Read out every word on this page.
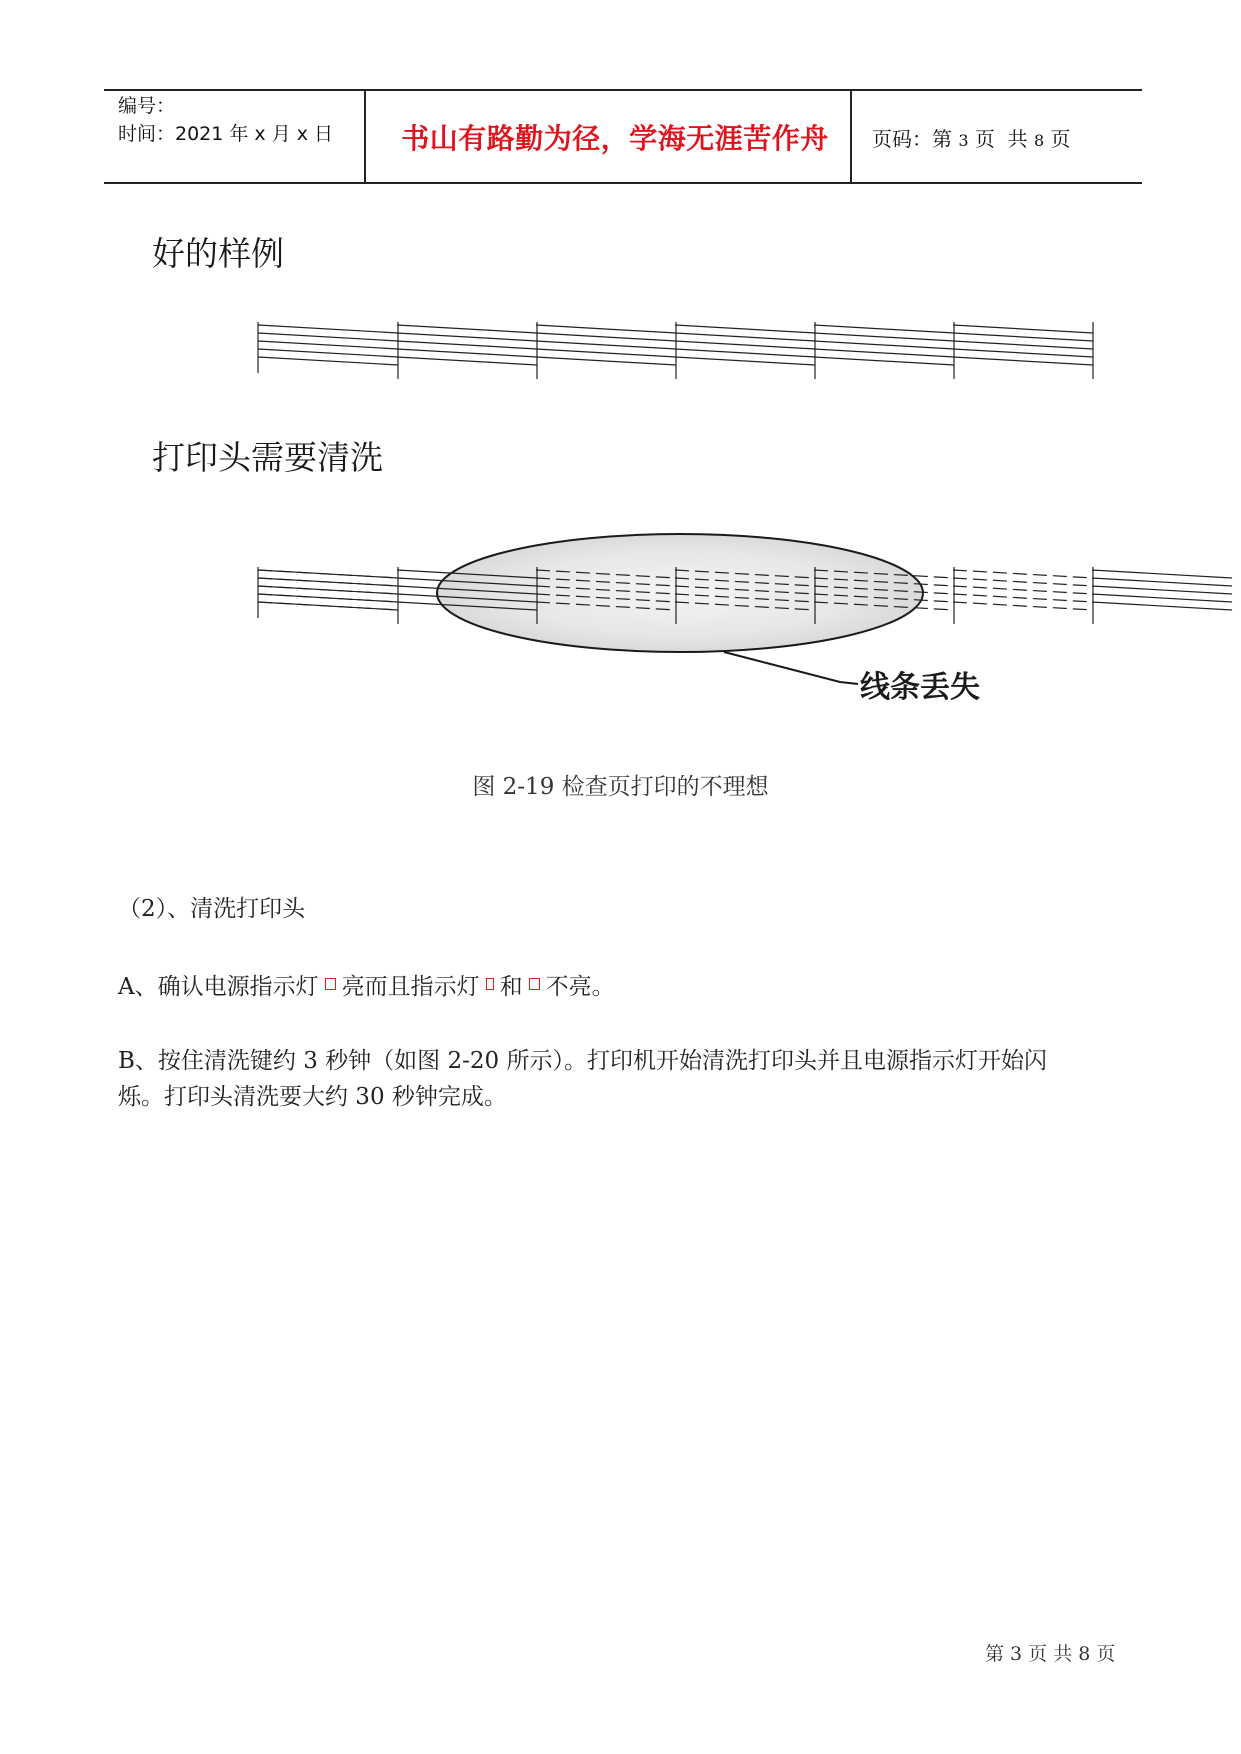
编号：
时间：2021 年 x 月 x 日	书山有路勤为径，学海无涯苦作舟	页码：第 3 页  共 8 页
好的样例
打印头需要清洗
线条丢失
图 2-19 检查页打印的不理想
（2）、清洗打印头
A、确认电源指示灯 亮而且指示灯 和 不亮。
B、按住清洗键约 3 秒钟（如图 2-20 所示）。打印机开始清洗打印头并且电源指示灯开始闪
烁。打印头清洗要大约 30 秒钟完成。
第 3 页 共 8 页
